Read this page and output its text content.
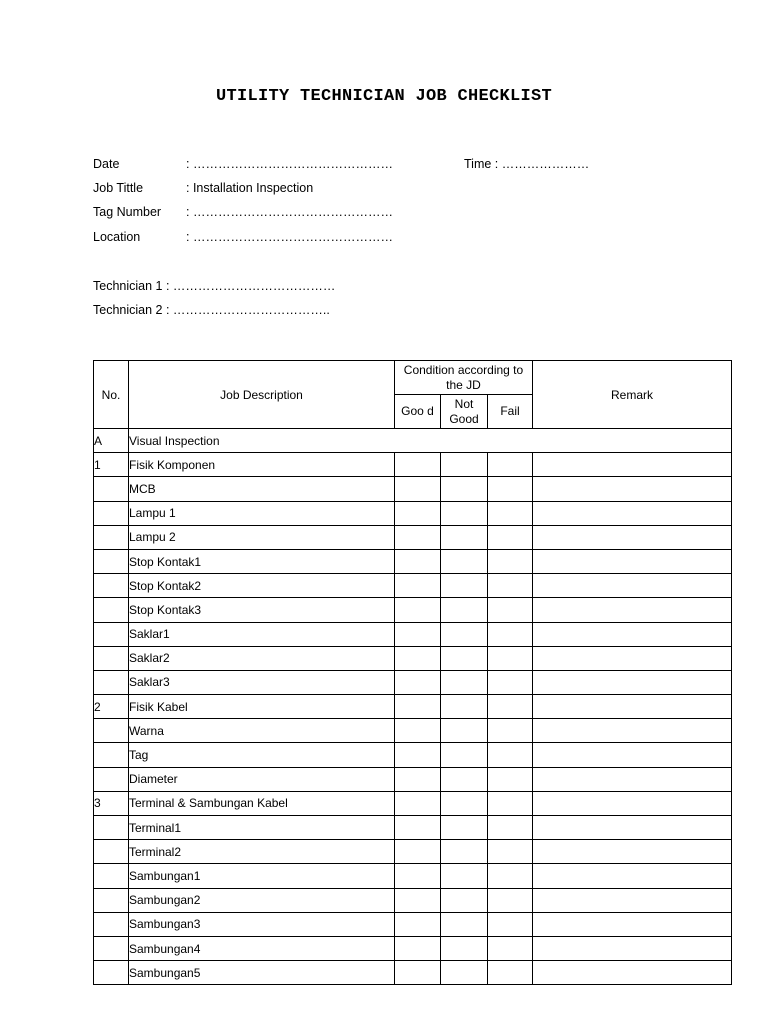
UTILITY TECHNICIAN JOB CHECKLIST
Date	: …………………………………………	Time : …………………
Job Tittle	: Installation Inspection
Tag Number : …………………………………………
Location	: …………………………………………
Technician 1 : …………………………………
Technician 2 : ………………………………..
No.	Job Description	Condition according to the JD			Remark
		Goo d	Not Good	Fail	
A	Visual Inspection				
1	Fisik Komponen				
	MCB				
	Lampu 1				
	Lampu 2				
	Stop Kontak1				
	Stop Kontak2				
	Stop Kontak3				
	Saklar1				
	Saklar2				
	Saklar3				
2	Fisik Kabel				
	Warna				
	Tag				
	Diameter				
3	Terminal & Sambungan Kabel				
	Terminal1				
	Terminal2				
	Sambungan1				
	Sambungan2				
	Sambungan3				
	Sambungan4				
	Sambungan5				
